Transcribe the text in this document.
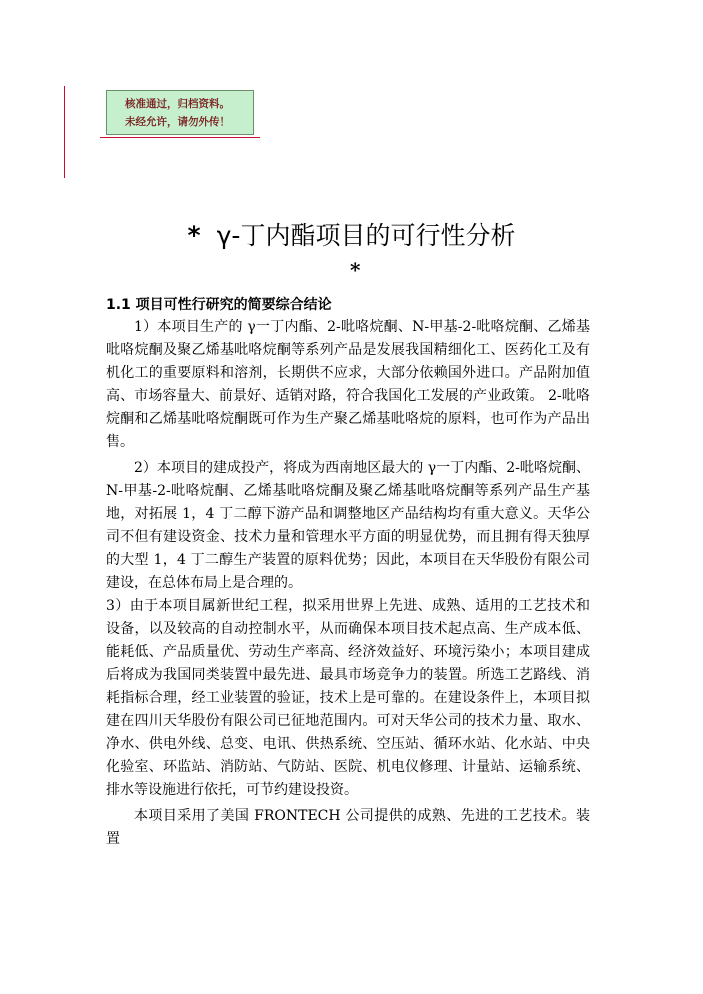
核准通过，归档资料。
未经允许，请勿外传！
* γ-丁内酯项目的可行性分析
*
1.1 项目可性行研究的简要综合结论

1）本项目生产的 γ一丁内酯、2-吡咯烷酮、N-甲基-2-吡咯烷酮、乙烯基吡咯烷酮及聚乙烯基吡咯烷酮等系列产品是发展我国精细化工、医药化工及有机化工的重要原料和溶剂，长期供不应求，大部分依赖国外进口。产品附加值高、市场容量大、前景好、适销对路，符合我国化工发展的产业政策。 2-吡咯烷酮和乙烯基吡咯烷酮既可作为生产聚乙烯基吡咯烷的原料，也可作为产品出售。

2）本项目的建成投产，将成为西南地区最大的 γ一丁内酯、2-吡咯烷酮、N-甲基-2-吡咯烷酮、乙烯基吡咯烷酮及聚乙烯基吡咯烷酮等系列产品生产基地，对拓展 1，4 丁二醇下游产品和调整地区产品结构均有重大意义。天华公司不但有建设资金、技术力量和管理水平方面的明显优势，而且拥有得天独厚的大型 1，4 丁二醇生产装置的原料优势；因此，本项目在天华股份有限公司建设，在总体布局上是合理的。

3）由于本项目属新世纪工程，拟采用世界上先进、成熟、适用的工艺技术和设备，以及较高的自动控制水平，从而确保本项目技术起点高、生产成本低、能耗低、产品质量优、劳动生产率高、经济效益好、环境污染小；本项目建成后将成为我国同类装置中最先进、最具市场竞争力的装置。所选工艺路线、消耗指标合理，经工业装置的验证，技术上是可靠的。在建设条件上，本项目拟建在四川天华股份有限公司已征地范围内。可对天华公司的技术力量、取水、净水、供电外线、总变、电讯、供热系统、空压站、循环水站、化水站、中央化验室、环监站、消防站、气防站、医院、机电仪修理、计量站、运输系统、排水等设施进行依托，可节约建设投资。

本项目采用了美国 FRONTECH 公司提供的成熟、先进的工艺技术。装置
